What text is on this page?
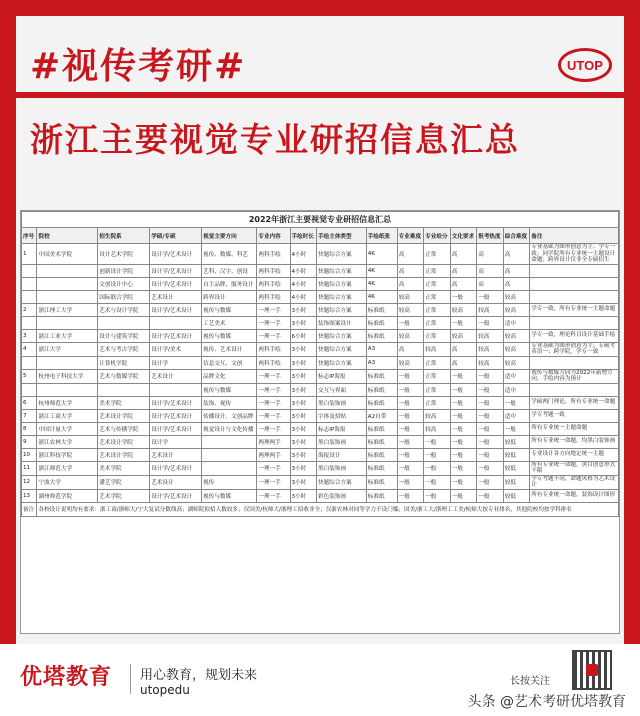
#视传考研#	UTOP
浙江主要视觉专业研招信息汇总
2022年浙江主要视觉专业研招信息汇总														
序号	院校	招生院系	学硕/专硕	视觉主要方向	专业内容	手绘时长	手绘主体类型	手绘纸张	专业难度	专业给分	文化要求	报考热度	综合难度	备注
1	中国美术学院	设计艺术学院	设计学/艺术设计	视传、数媒、科艺	两科手绘	4小时	快题综合方案	4K	高	正常	高	高	高	专业基础为图形创意为主；学专一致；同学院所有专业统一主题设计命题；跨界设计仅非全专硕招生
		创新设计学院	设计学/艺术设计	艺科、汉字、创设	两科手绘	4小时	快题综合方案	4K	高	正常	高	高	高	
		文创设计中心	设计学/艺术设计	自主品牌、服务设计	两科手绘	4小时	快题综合方案	4K	高	正常	高	高	高	
		国际联合学院	艺术设计	跨界设计	两科手绘	4小时	快题综合方案	4K	较高	正常	一般	一般	较高	
2	浙江理工大学	艺术与设计学院	设计学/艺术设计	视传与数媒	一理一手	3小时	快题综合方案	标准纸	较高	正常	较高	较高	较高	学专一致，所有专业统一主题命题
				工艺美术	一理一手	3小时	装饰图案设计	标准纸	一般	正常	一般	一般	适中	
3	浙江工业大学	设计与建筑学院	设计学/艺术设计	视传与数媒	一理一手	6小时	快题综合方案	标准纸	较高	正常	较高	较高	较高	学专一致，理论科目设计基础手绘
4	浙江大学	艺术与考古学院	设计学/美术	视传、艺术设计	两科手绘	3小时	快题综合方案	A3	高	较高	高	较高	较高	专业基础为图形创意为主；专硕考英语一；跨学院，学专一致
		计算机学院	设计学	信息交互、文创	两科手绘	3小时	快题综合方案	A3	较高	正常	高	较高	较高	
5	杭州电子科技大学	艺术与数媒学院	艺术设计	品牌文化	一理一手	3小时	标志IP海报	标准纸	一般	正常	一般	一般	适中	视传与数媒方向为2022年新增方向，手绘内容为预计
				视传与数媒	一理一手	3小时	交互与界面	标准纸	一般	正常	一般	一般	适中	
6	杭州师范大学	美术学院	设计学/艺术设计	装饰、视传	一理一手	3小时	黑白装饰画	标准纸	一般	正常	一般	一般	一般	学硕两门理论，所有专业统一命题
7	浙江工商大学	艺术设计学院	设计学/艺术设计	传播设计、文创品牌	一理一手	3小时	字体及招贴	A2自带	一般	较高	一般	一般	适中	学专考题一致
8	中国计量大学	艺术与传播学院	设计学/艺术设计	视觉设计与文化传播	一理一手	3小时	标志IP海报	标准纸	一般	较高	一般	一般	一般	所有专业统一主题命题
9	浙江农林大学	艺术设计学院	设计学		两理两手	3小时	黑白装饰画	标准纸	一般	一般	一般	一般	较低	所有专业统一命题，均黑白装饰画
10	浙江科技学院	艺术设计学院	艺术设计		两理两手	3小时	海报设计	标准纸	一般	一般	一般	一般	较低	专业设计各方向地定统一主题
11	浙江师范大学	美术学院	设计学/艺术设计		一理一手	3小时	黑白装饰画	标准纸	一般	一般	一般	一般	较低	所有专业统一命题，黑白创意形式不限
12	宁波大学	潘艺学院	艺术设计	视传	一理一手	3小时	快题综合方案	标准纸	一般	一般	一般	一般	较低	学专考题不同，命题风格为艺术设计
13	湖州师范学院	艺术学院	设计学/艺术设计	视传与数媒	一理一手	3小时	彩色装饰画	标准纸	一般	一般	一般	一般	较低	所有专业统一命题，装饰设计图形
备注	各校设计说明均有要求：浙工商/浙师大/宁大复试分数线高；湖师院拟招人数较多；仅国美/杭师大/浙理工招收非全；仅浙农林对同等学力不设门槛；国美/浙工大/浙理工工美/杭师大按专业排名，其他院校均按学科排名													
优塔教育 用心教育，规划未来
utopedu
长按关注
头条 @艺术考研优塔教育
